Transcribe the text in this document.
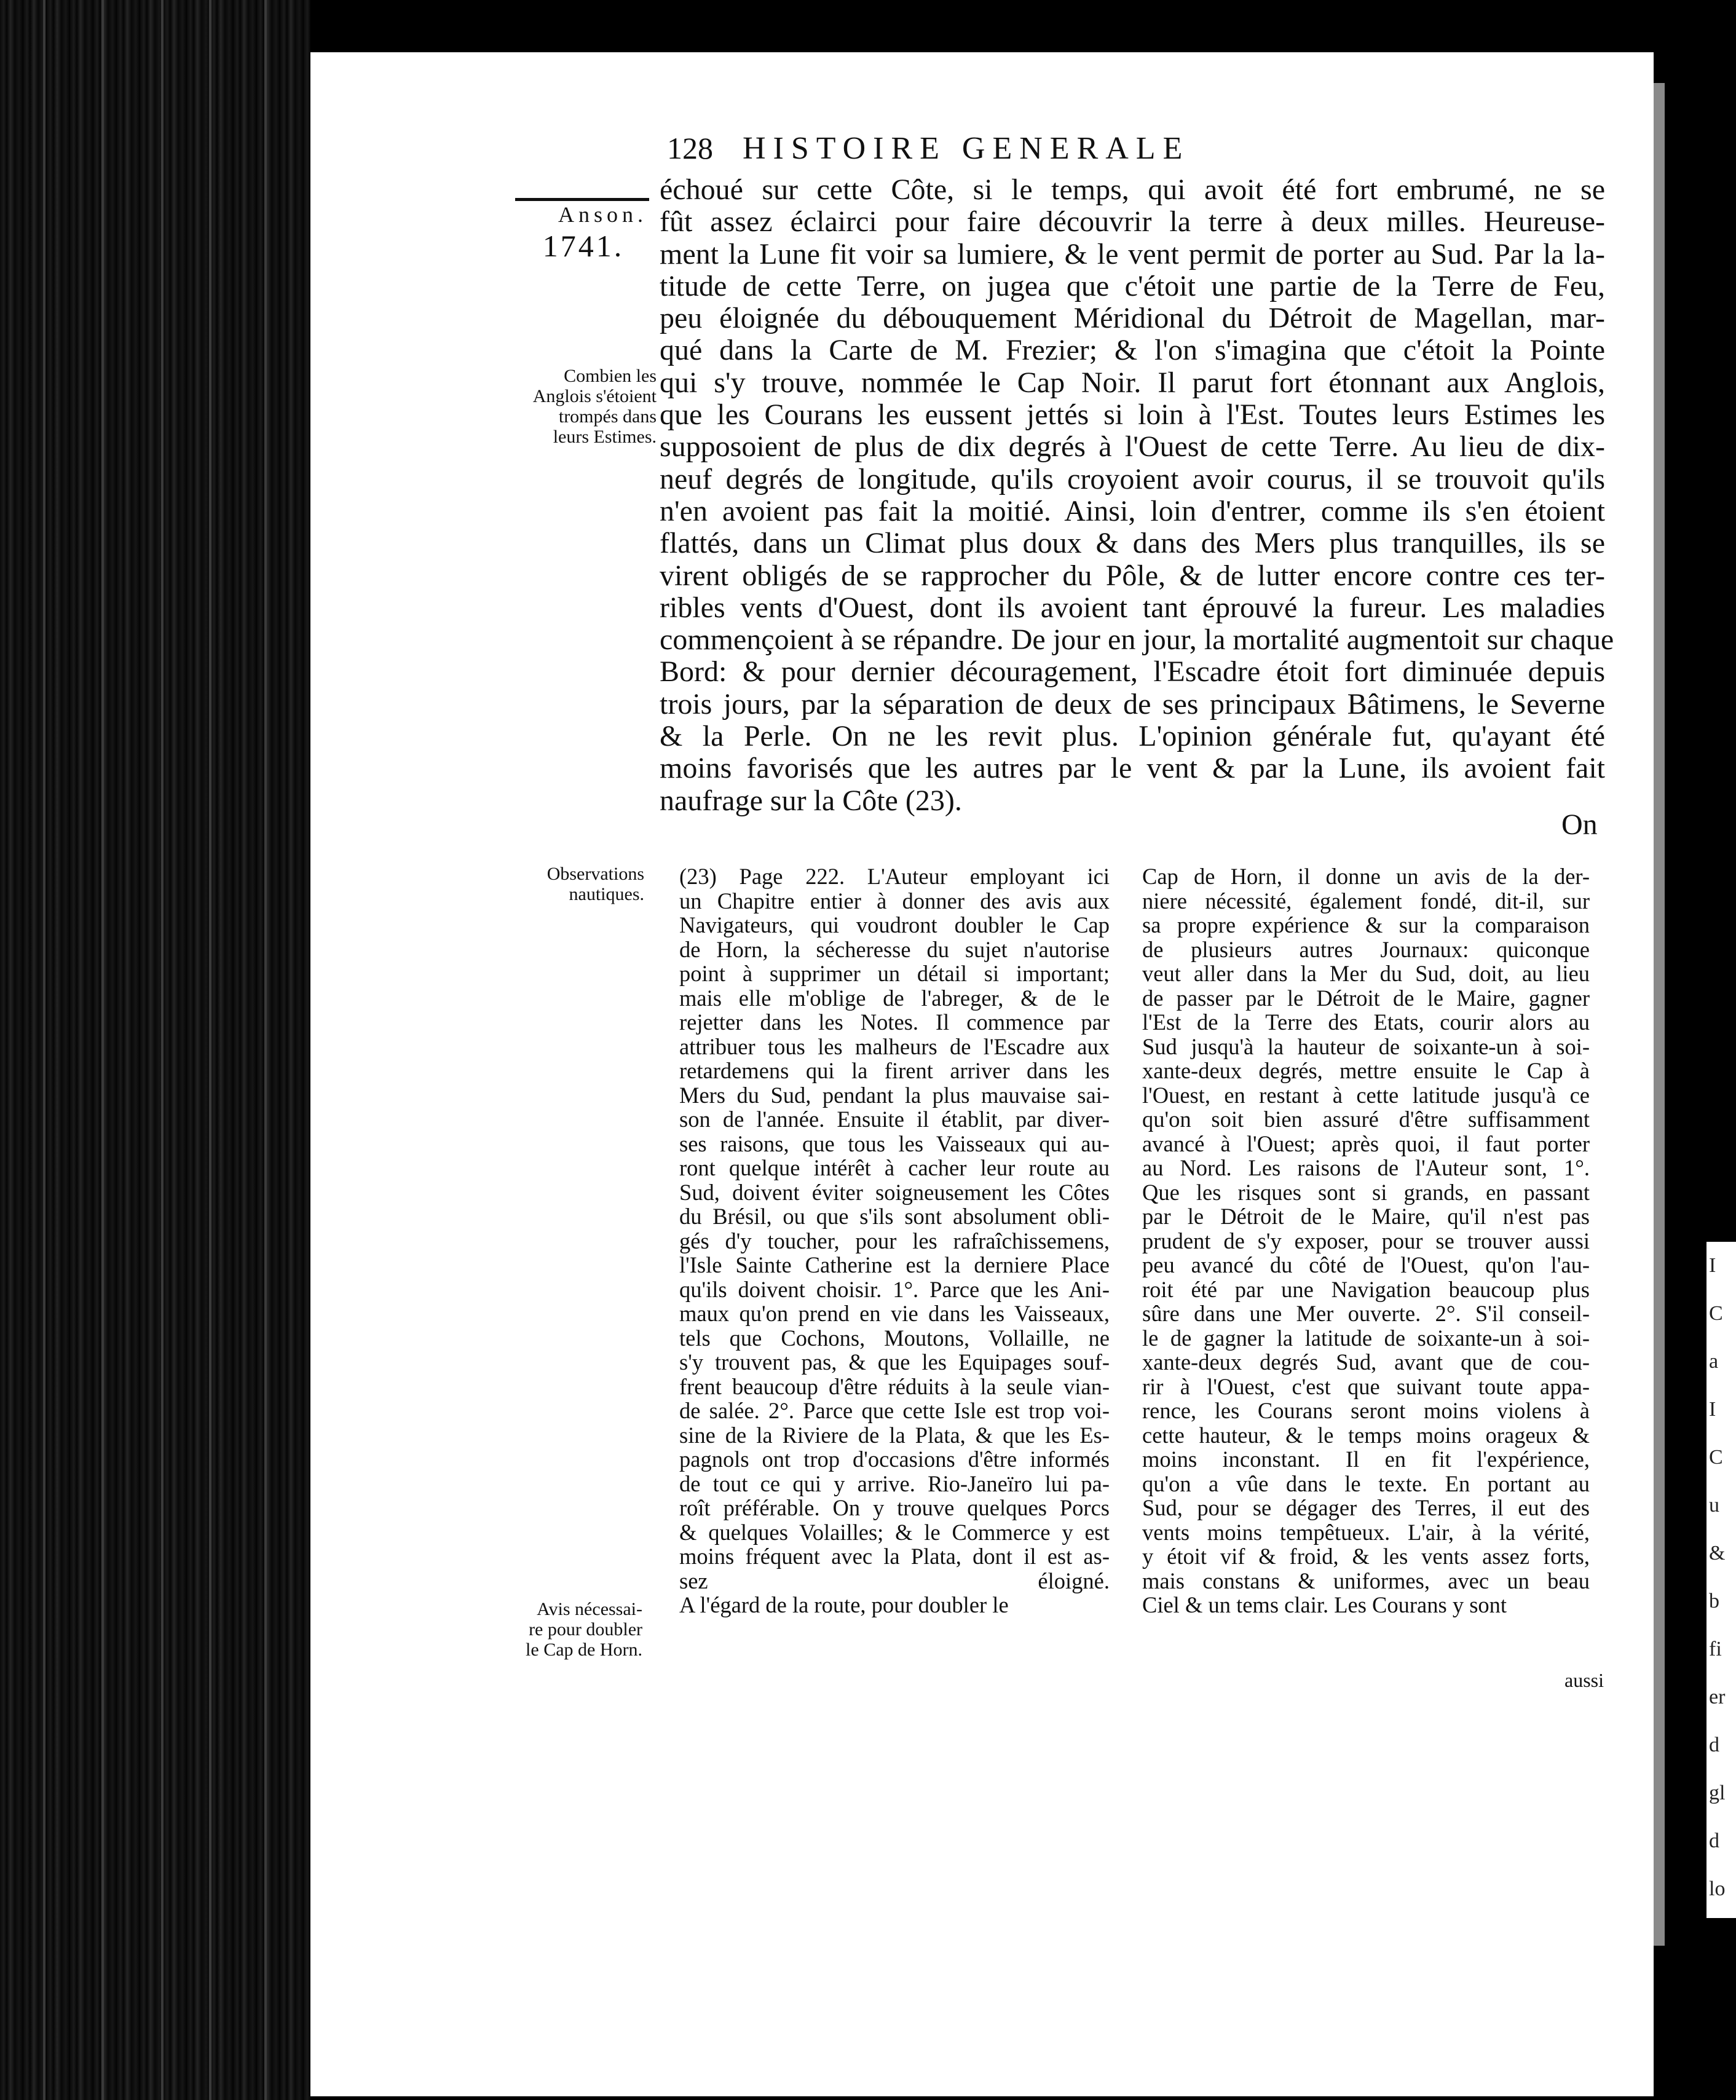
I
C
a
I
C
u
&
b
fi
er
d
gl
d
lo
128 HISTOIRE GENERALE
Anson.
1741.
Combien les
Anglois s'étoient
trompés dans
leurs Estimes.
Observations
nautiques.
Avis nécessai-
re pour doubler
le Cap de Horn.
échoué sur cette Côte, si le temps, qui avoit été fort embrumé, ne se
fût assez éclairci pour faire découvrir la terre à deux milles. Heureuse-
ment la Lune fit voir sa lumiere, & le vent permit de porter au Sud. Par la la-
titude de cette Terre, on jugea que c'étoit une partie de la Terre de Feu,
peu éloignée du débouquement Méridional du Détroit de Magellan, mar-
qué dans la Carte de M. Frezier; & l'on s'imagina que c'étoit la Pointe
qui s'y trouve, nommée le Cap Noir. Il parut fort étonnant aux Anglois,
que les Courans les eussent jettés si loin à l'Est. Toutes leurs Estimes les
supposoient de plus de dix degrés à l'Ouest de cette Terre. Au lieu de dix-
neuf degrés de longitude, qu'ils croyoient avoir courus, il se trouvoit qu'ils
n'en avoient pas fait la moitié. Ainsi, loin d'entrer, comme ils s'en étoient
flattés, dans un Climat plus doux & dans des Mers plus tranquilles, ils se
virent obligés de se rapprocher du Pôle, & de lutter encore contre ces ter-
ribles vents d'Ouest, dont ils avoient tant éprouvé la fureur. Les maladies
commençoient à se répandre. De jour en jour, la mortalité augmentoit sur chaque
Bord: & pour dernier découragement, l'Escadre étoit fort diminuée depuis
trois jours, par la séparation de deux de ses principaux Bâtimens, le Severne
& la Perle. On ne les revit plus. L'opinion générale fut, qu'ayant été
moins favorisés que les autres par le vent & par la Lune, ils avoient fait
naufrage sur la Côte (23).
On
(23) Page 222. L'Auteur employant ici
un Chapitre entier à donner des avis aux
Navigateurs, qui voudront doubler le Cap
de Horn, la sécheresse du sujet n'autorise
point à supprimer un détail si important;
mais elle m'oblige de l'abreger, & de le
rejetter dans les Notes. Il commence par
attribuer tous les malheurs de l'Escadre aux
retardemens qui la firent arriver dans les
Mers du Sud, pendant la plus mauvaise sai-
son de l'année. Ensuite il établit, par diver-
ses raisons, que tous les Vaisseaux qui au-
ront quelque intérêt à cacher leur route au
Sud, doivent éviter soigneusement les Côtes
du Brésil, ou que s'ils sont absolument obli-
gés d'y toucher, pour les rafraîchissemens,
l'Isle Sainte Catherine est la derniere Place
qu'ils doivent choisir. 1°. Parce que les Ani-
maux qu'on prend en vie dans les Vaisseaux,
tels que Cochons, Moutons, Vollaille, ne
s'y trouvent pas, & que les Equipages souf-
frent beaucoup d'être réduits à la seule vian-
de salée. 2°. Parce que cette Isle est trop voi-
sine de la Riviere de la Plata, & que les Es-
pagnols ont trop d'occasions d'être informés
de tout ce qui y arrive. Rio-Janeïro lui pa-
roît préférable. On y trouve quelques Porcs
& quelques Volailles; & le Commerce y est
moins fréquent avec la Plata, dont il est as-
sez éloigné.
A l'égard de la route, pour doubler le
Cap de Horn, il donne un avis de la der-
niere nécessité, également fondé, dit-il, sur
sa propre expérience & sur la comparaison
de plusieurs autres Journaux: quiconque
veut aller dans la Mer du Sud, doit, au lieu
de passer par le Détroit de le Maire, gagner
l'Est de la Terre des Etats, courir alors au
Sud jusqu'à la hauteur de soixante-un à soi-
xante-deux degrés, mettre ensuite le Cap à
l'Ouest, en restant à cette latitude jusqu'à ce
qu'on soit bien assuré d'être suffisamment
avancé à l'Ouest; après quoi, il faut porter
au Nord. Les raisons de l'Auteur sont, 1°.
Que les risques sont si grands, en passant
par le Détroit de le Maire, qu'il n'est pas
prudent de s'y exposer, pour se trouver aussi
peu avancé du côté de l'Ouest, qu'on l'au-
roit été par une Navigation beaucoup plus
sûre dans une Mer ouverte. 2°. S'il conseil-
le de gagner la latitude de soixante-un à soi-
xante-deux degrés Sud, avant que de cou-
rir à l'Ouest, c'est que suivant toute appa-
rence, les Courans seront moins violens à
cette hauteur, & le temps moins orageux &
moins inconstant. Il en fit l'expérience,
qu'on a vûe dans le texte. En portant au
Sud, pour se dégager des Terres, il eut des
vents moins tempêtueux. L'air, à la vérité,
y étoit vif & froid, & les vents assez forts,
mais constans & uniformes, avec un beau
Ciel & un tems clair. Les Courans y sont
aussi
